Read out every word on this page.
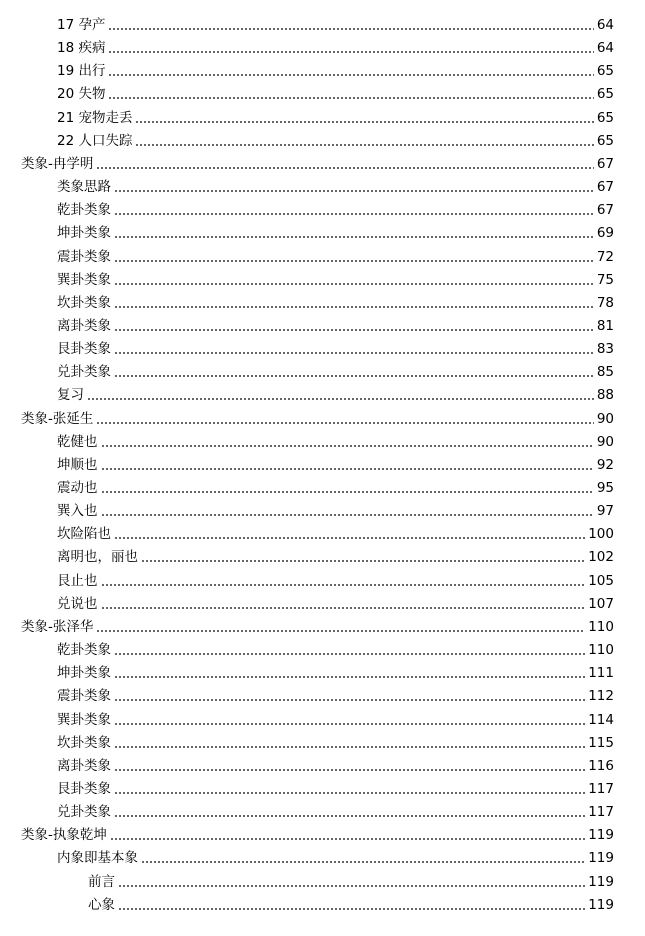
17 孕产	64
18 疾病	64
19 出行	65
20 失物	65
21 宠物走丢	65
22 人口失踪	65
类象-冉学明	67
类象思路	67
乾卦类象	67
坤卦类象	69
震卦类象	72
巽卦类象	75
坎卦类象	78
离卦类象	81
艮卦类象	83
兑卦类象	85
复习	88
类象-张延生	90
乾健也	90
坤顺也	92
震动也	95
巽入也	97
坎险陷也	100
离明也，丽也	102
艮止也	105
兑说也	107
类象-张泽华	110
乾卦类象	110
坤卦类象	111
震卦类象	112
巽卦类象	114
坎卦类象	115
离卦类象	116
艮卦类象	117
兑卦类象	117
类象-执象乾坤	119
内象即基本象	119
前言	119
心象	119
